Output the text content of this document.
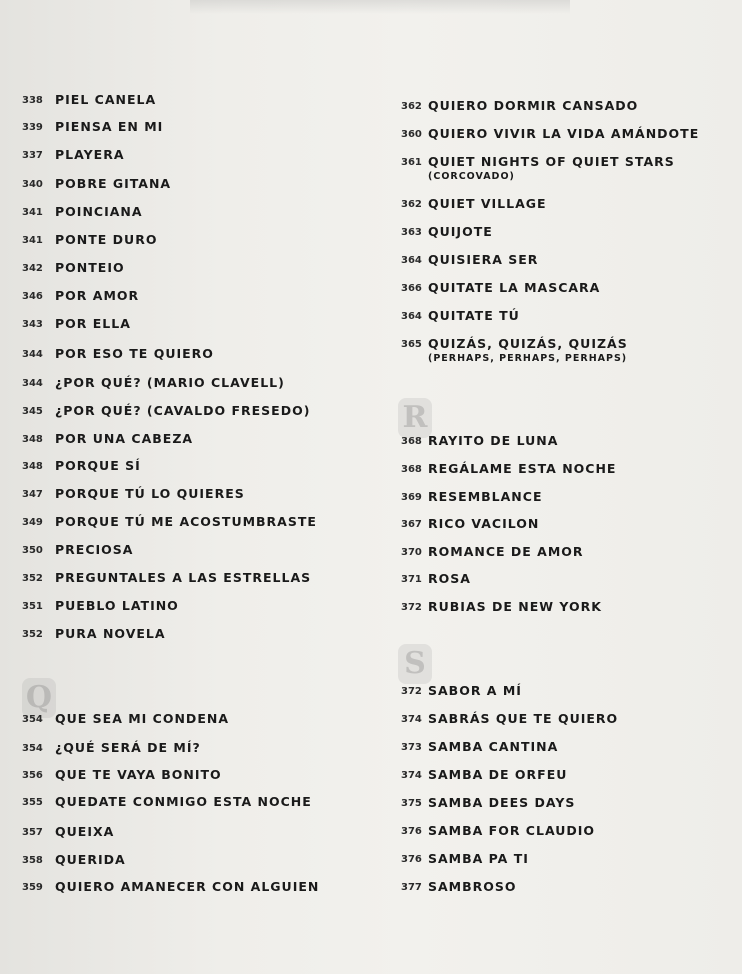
Q
R
S
338 PIEL CANELA
339 PIENSA EN MI
337 PLAYERA
340 POBRE GITANA
341 POINCIANA
341 PONTE DURO
342 PONTEIO
346 POR AMOR
343 POR ELLA
344 POR ESO TE QUIERO
344 ¿POR QUÉ? (MARIO CLAVELL)
345 ¿POR QUÉ? (CAVALDO FRESEDO)
348 POR UNA CABEZA
348 PORQUE SÍ
347 PORQUE TÚ LO QUIERES
349 PORQUE TÚ ME ACOSTUMBRASTE
350 PRECIOSA
352 PREGUNTALES A LAS ESTRELLAS
351 PUEBLO LATINO
352 PURA NOVELA
354 QUE SEA MI CONDENA
354 ¿QUÉ SERÁ DE MÍ?
356 QUE TE VAYA BONITO
355 QUEDATE CONMIGO ESTA NOCHE
357 QUEIXA
358 QUERIDA
359 QUIERO AMANECER CON ALGUIEN
362 QUIERO DORMIR CANSADO
360 QUIERO VIVIR LA VIDA AMÁNDOTE
361 QUIET NIGHTS OF QUIET STARS
(CORCOVADO)
362 QUIET VILLAGE
363 QUIJOTE
364 QUISIERA SER
366 QUITATE LA MASCARA
364 QUITATE TÚ
365 QUIZÁS, QUIZÁS, QUIZÁS
(PERHAPS, PERHAPS, PERHAPS)
368 RAYITO DE LUNA
368 REGÁLAME ESTA NOCHE
369 RESEMBLANCE
367 RICO VACILON
370 ROMANCE DE AMOR
371 ROSA
372 RUBIAS DE NEW YORK
372 SABOR A MÍ
374 SABRÁS QUE TE QUIERO
373 SAMBA CANTINA
374 SAMBA DE ORFEU
375 SAMBA DEES DAYS
376 SAMBA FOR CLAUDIO
376 SAMBA PA TI
377 SAMBROSO
